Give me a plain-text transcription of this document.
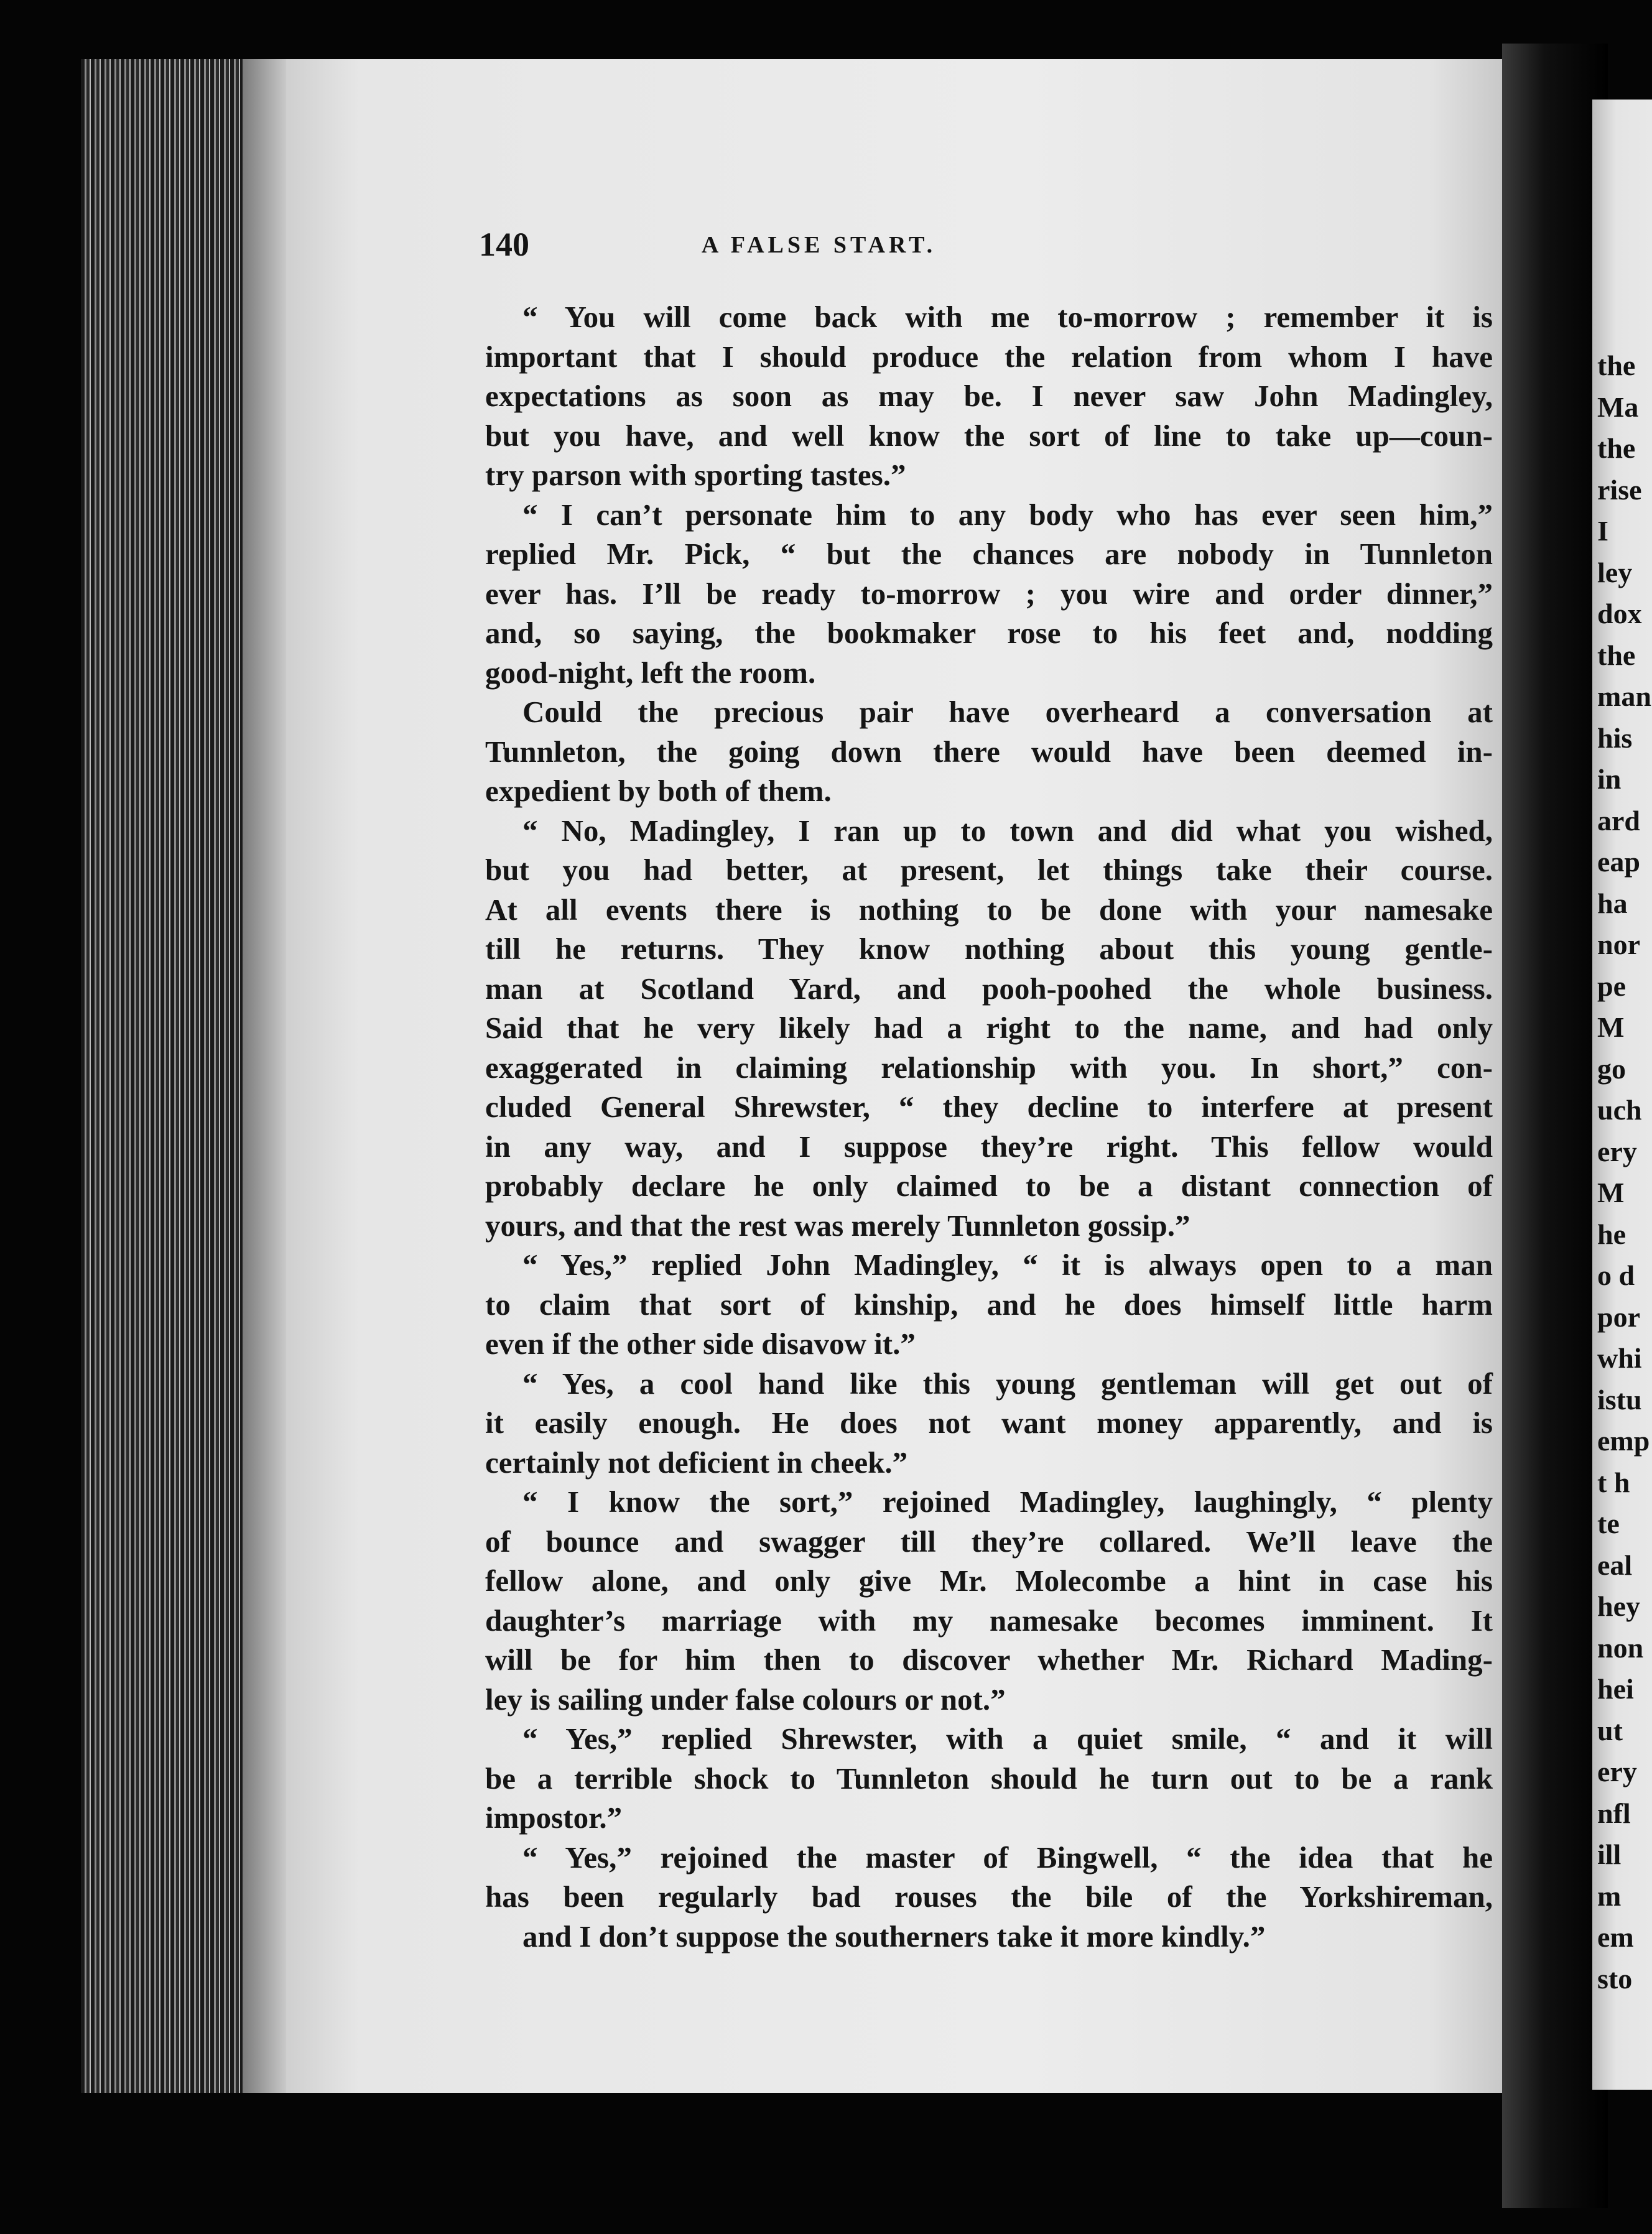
the
Ma
the
rise
I
ley
dox
the
man
his
in
ard
eap
ha
nor
pe
M
go
uch
ery
M
he
o d
por
whi
istu
emp
t h
te
eal
hey
non
hei
ut
ery
nfl
ill
m
em
sto
140	A FALSE START.
“ You will come back with me to-morrow ; remember it is
important that I should produce the relation from whom I have
expectations as soon as may be. I never saw John Madingley,
but you have, and well know the sort of line to take up—coun-
try parson with sporting tastes.”
“ I can’t personate him to any body who has ever seen him,”
replied Mr. Pick, “ but the chances are nobody in Tunnleton
ever has. I’ll be ready to-morrow ; you wire and order dinner,”
and, so saying, the bookmaker rose to his feet and, nodding
good-night, left the room.
Could the precious pair have overheard a conversation at
Tunnleton, the going down there would have been deemed in-
expedient by both of them.
“ No, Madingley, I ran up to town and did what you wished,
but you had better, at present, let things take their course.
At all events there is nothing to be done with your namesake
till he returns. They know nothing about this young gentle-
man at Scotland Yard, and pooh-poohed the whole business.
Said that he very likely had a right to the name, and had only
exaggerated in claiming relationship with you. In short,” con-
cluded General Shrewster, “ they decline to interfere at present
in any way, and I suppose they’re right. This fellow would
probably declare he only claimed to be a distant connection of
yours, and that the rest was merely Tunnleton gossip.”
“ Yes,” replied John Madingley, “ it is always open to a man
to claim that sort of kinship, and he does himself little harm
even if the other side disavow it.”
“ Yes, a cool hand like this young gentleman will get out of
it easily enough. He does not want money apparently, and is
certainly not deficient in cheek.”
“ I know the sort,” rejoined Madingley, laughingly, “ plenty
of bounce and swagger till they’re collared. We’ll leave the
fellow alone, and only give Mr. Molecombe a hint in case his
daughter’s marriage with my namesake becomes imminent. It
will be for him then to discover whether Mr. Richard Mading-
ley is sailing under false colours or not.”
“ Yes,” replied Shrewster, with a quiet smile, “ and it will
be a terrible shock to Tunnleton should he turn out to be a rank
impostor.”
“ Yes,” rejoined the master of Bingwell, “ the idea that he
has been regularly bad rouses the bile of the Yorkshireman,
and I don’t suppose the southerners take it more kindly.”
